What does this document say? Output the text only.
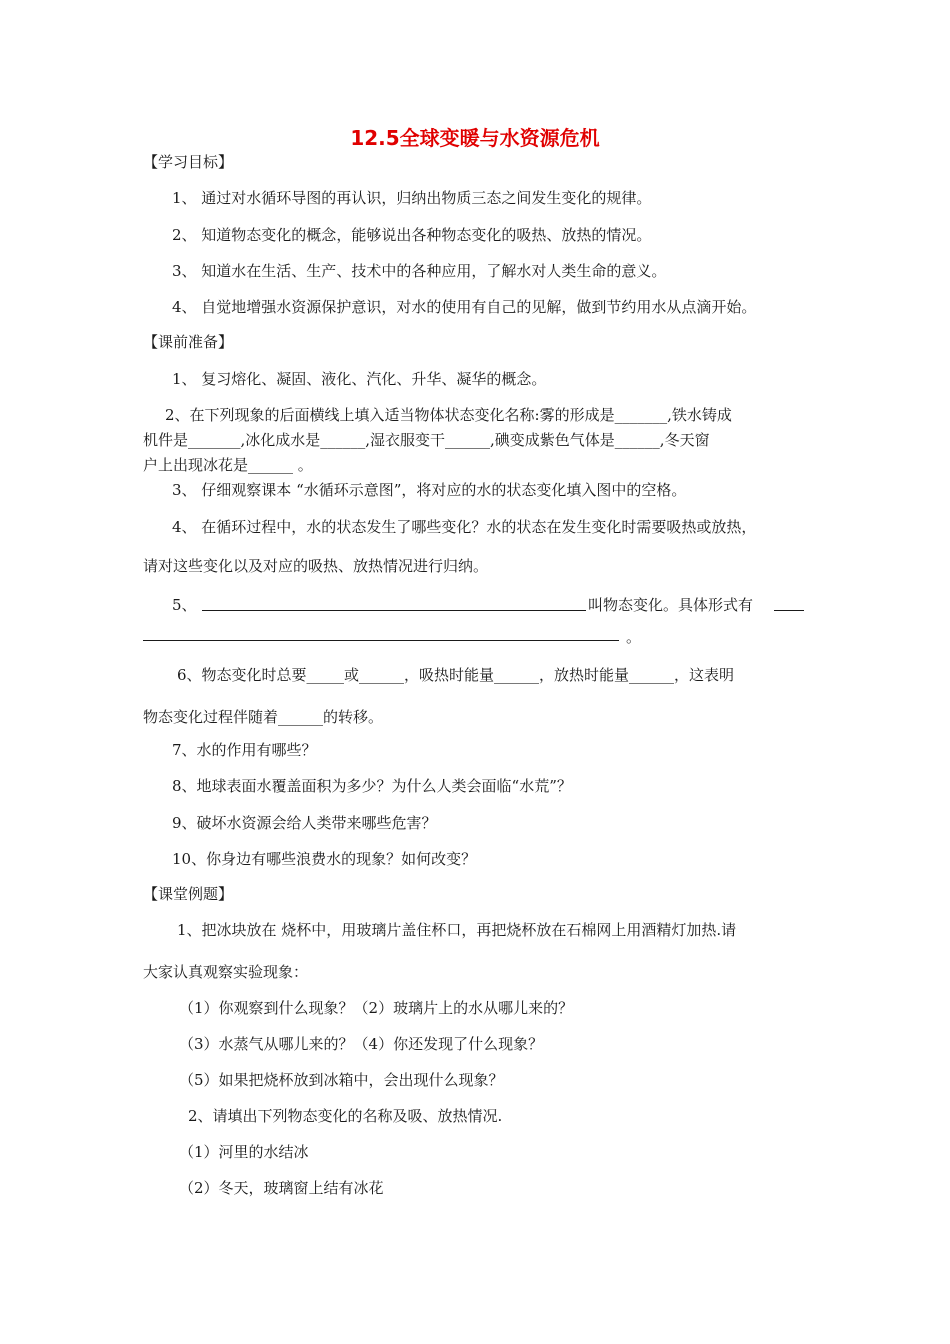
12.5全球变暖与水资源危机
【学习目标】
1、 通过对水循环导图的再认识，归纳出物质三态之间发生变化的规律。
2、 知道物态变化的概念，能够说出各种物态变化的吸热、放热的情况。
3、 知道水在生活、生产、技术中的各种应用，了解水对人类生命的意义。
4、 自觉地增强水资源保护意识，对水的使用有自己的见解，做到节约用水从点滴开始。
【课前准备】
1、 复习熔化、凝固、液化、汽化、升华、凝华的概念。
2、在下列现象的后面横线上填入适当物体状态变化名称:雾的形成是_______,铁水铸成
机件是_______,冰化成水是______,湿衣服变干______,碘变成紫色气体是______,冬天窗
户上出现冰花是______ 。
3、 仔细观察课本 “水循环示意图”，将对应的水的状态变化填入图中的空格。
4、 在循环过程中，水的状态发生了哪些变化？水的状态在发生变化时需要吸热或放热，
请对这些变化以及对应的吸热、放热情况进行归纳。
5、	叫物态变化。具体形式有
。
6、物态变化时总要_____或______，吸热时能量______，放热时能量______，这表明
物态变化过程伴随着______的转移。
7、水的作用有哪些？
8、地球表面水覆盖面积为多少？为什么人类会面临“水荒”？
9、破坏水资源会给人类带来哪些危害？
10、你身边有哪些浪费水的现象？如何改变？
【课堂例题】
1、把冰块放在 烧杯中，用玻璃片盖住杯口，再把烧杯放在石棉网上用酒精灯加热.请
大家认真观察实验现象：
（1）你观察到什么现象？（2）玻璃片上的水从哪儿来的？
（3）水蒸气从哪儿来的？（4）你还发现了什么现象？
（5）如果把烧杯放到冰箱中，会出现什么现象？
2、请填出下列物态变化的名称及吸、放热情况.
（1）河里的水结冰
（2）冬天，玻璃窗上结有冰花
